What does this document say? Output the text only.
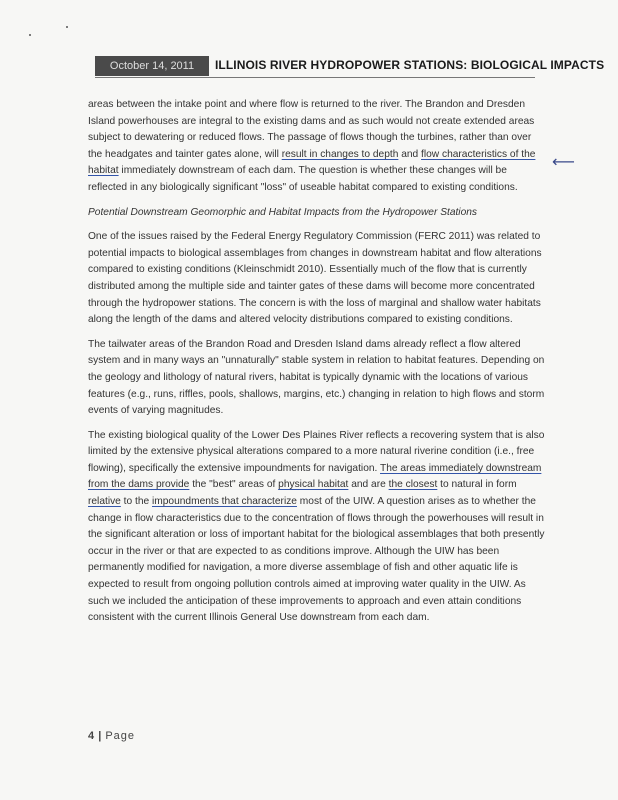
October 14, 2011	ILLINOIS RIVER HYDROPOWER STATIONS: BIOLOGICAL IMPACTS

areas between the intake point and where flow is returned to the river. The Brandon and Dresden Island powerhouses are integral to the existing dams and as such would not create extended areas subject to dewatering or reduced flows. The passage of flows though the turbines, rather than over the headgates and tainter gates alone, will result in changes to depth and flow characteristics of the habitat immediately downstream of each dam. The question is whether these changes will be reflected in any biologically significant "loss" of useable habitat compared to existing conditions.

Potential Downstream Geomorphic and Habitat Impacts from the Hydropower Stations

One of the issues raised by the Federal Energy Regulatory Commission (FERC 2011) was related to potential impacts to biological assemblages from changes in downstream habitat and flow alterations compared to existing conditions (Kleinschmidt 2010). Essentially much of the flow that is currently distributed among the multiple side and tainter gates of these dams will become more concentrated through the hydropower stations. The concern is with the loss of marginal and shallow water habitats along the length of the dams and altered velocity distributions compared to existing conditions.

The tailwater areas of the Brandon Road and Dresden Island dams already reflect a flow altered system and in many ways an "unnaturally" stable system in relation to habitat features. Depending on the geology and lithology of natural rivers, habitat is typically dynamic with the locations of various features (e.g., runs, riffles, pools, shallows, margins, etc.) changing in relation to high flows and storm events of varying magnitudes.

The existing biological quality of the Lower Des Plaines River reflects a recovering system that is also limited by the extensive physical alterations compared to a more natural riverine condition (i.e., free flowing), specifically the extensive impoundments for navigation. The areas immediately downstream from the dams provide the "best" areas of physical habitat and are the closest to natural in form relative to the impoundments that characterize most of the UIW. A question arises as to whether the change in flow characteristics due to the concentration of flows through the powerhouses will result in the significant alteration or loss of important habitat for the biological assemblages that both presently occur in the river or that are expected to as conditions improve. Although the UIW has been permanently modified for navigation, a more diverse assemblage of fish and other aquatic life is expected to result from ongoing pollution controls aimed at improving water quality in the UIW. As such we included the anticipation of these improvements to approach and even attain conditions consistent with the current Illinois General Use downstream from each dam.

⟵
4 | Page
